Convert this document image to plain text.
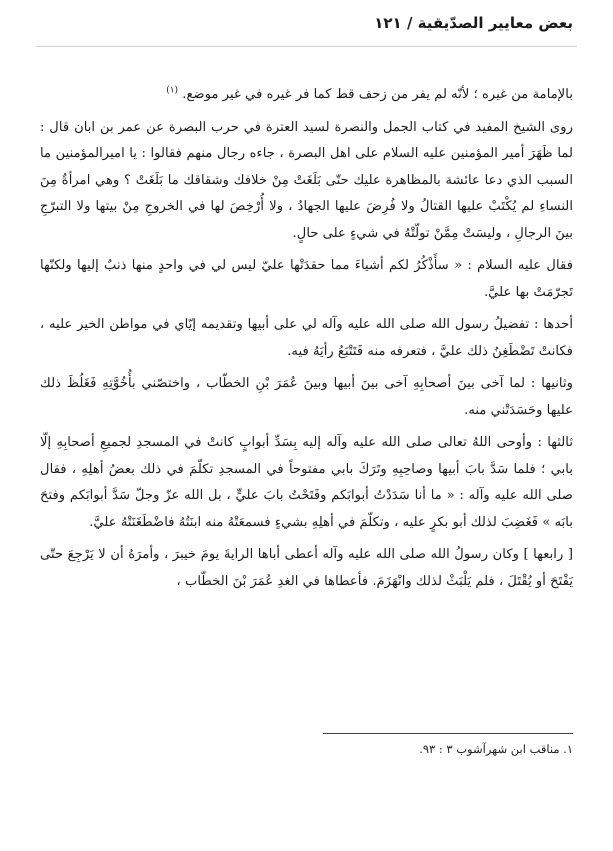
بعض معايير الصدّيقية / ١٢١

بالإمامة من غيره ؛ لأنّه لم يفر من زحف قط كما فر غيره في غير موضع. $^{(١)}$

روى الشيخ المفيد في كتاب الجمل والنصرة لسيد العترة في حرب البصرة عن عمر بن ابان قال : لما ظَهَرَ أمير المؤمنين عليه السلام على اهل البصرة ، جاءه رجال منهم فقالوا : يا اميرالمؤمنين ما السبب الذي دعا عائشة بالمظاهرة عليك حتّى بَلَغَتْ مِنْ خلافك وشقاقك ما بَلَغَتْ ؟ وهي امرأةٌ مِنَ النساءِ لم يُكْتَبْ عليها القتالُ ولا فُرِضَ عليها الجهادُ ، ولا أُرْخِصَ لها في الخروجِ مِنْ بيتها ولا التبرّجِ بينَ الرجالِ ، وليسَتْ مِمَّنْ تولّتْهُ في شيءٍ على حالٍ.

فقال عليه السلام : « سأَذْكُرُ لكم أشياءَ مما حقدَتْها عليّ ليس لي في واحدٍ منها ذنبٌ إليها ولكنّها تَجرّمَتْ بها عليَّ.

أحدها : تفضيلُ رسول الله صلى الله عليه وآله لي على أبيها وتقديمه إيّاي في مواطن الخير عليه ، فكانتْ تَضْطَغِنُ ذلك عليَّ ، فتعرفه منه فَتَتْبَعُ رأيَهُ فيه.

وثانيها : لما آخى بينَ أصحابِهِ آخى بينَ أبيها وبينَ عُمَرَ بْنِ الخطّاب ، واختصّني بأُخُوَّتِهِ فَغَلُظَ ذلك عليها وحَسَدَتْني منه.

ثالثها : وأوحى اللهُ تعالى صلى الله عليه وآله إليه بِسَدِّ أبوابٍ كانتْ في المسجدِ لجميعِ أصحابِهِ إلّا بابي ؛ فلما سَدَّ بابَ أبيها وصاحِبِهِ وتَرَكَ بابي مفتوحاً في المسجدِ تكلّمَ في ذلك بعضُ أهلِهِ ، فقال صلى الله عليه وآله : « ما أنا سَدَدْتُ أبوابَكم وفَتَحْتُ بابَ عليٍّ ، بل الله عزّ وجلّ سَدَّ أبوابَكم وفتحَ بابَه » فَغَضِبَ لذلك أبو بكرٍ عليه ، وتكلّمَ في أهلِهِ بشيءٍ فسمعَتْهُ منه ابنَتُهُ فاضْطَغَنَتْهُ عليَّ.

[ رابعها ] وكان رسولُ الله صلى الله عليه وآله أعطى أباها الرايةَ يومَ خيبرَ ، وأمرَهُ أن لا يَرْجِعَ حتّى يَفْتَحَ أو يُقْتَلَ ، فلم يَلْبَثْ لذلك وانْهَزَمَ. فأعطاها في الغدِ عُمَرَ بْنَ الخطّاب ،

١. مناقب ابن شهرآشوب ٣ : ٩٣.
